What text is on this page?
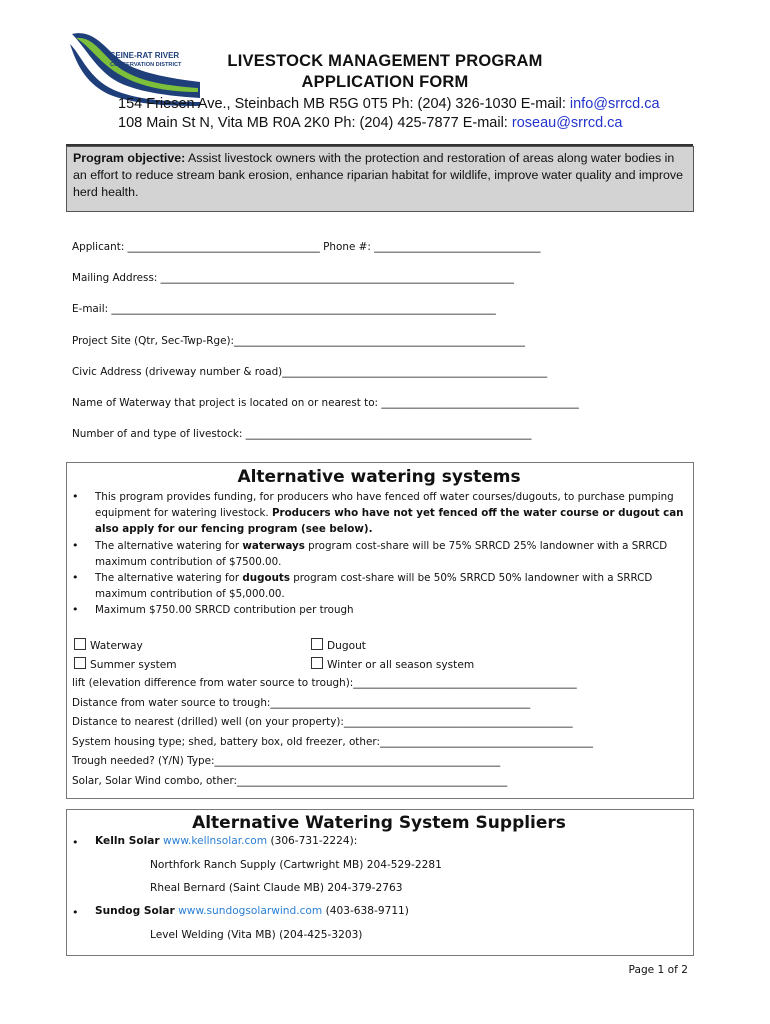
SEINE-RAT RIVER
CONSERVATION DISTRICT	LIVESTOCK MANAGEMENT PROGRAM
APPLICATION FORM
154 Friesen Ave., Steinbach MB R5G 0T5 Ph: (204) 326-1030 E-mail: info@srrcd.ca
108 Main St N, Vita MB R0A 2K0 Ph: (204) 425-7877 E-mail: roseau@srrcd.ca
Program objective: Assist livestock owners with the protection and restoration of areas along water bodies in an effort to reduce stream bank erosion, enhance riparian habitat for wildlife, improve water quality and improve herd health.
Applicant: _____________________________________ Phone #: ________________________________
Mailing Address: ____________________________________________________________________
E-mail: __________________________________________________________________________
Project Site (Qtr, Sec-Twp-Rge):________________________________________________________
Civic Address (driveway number & road)___________________________________________________
Name of Waterway that project is located on or nearest to: ______________________________________
Number of and type of livestock: _______________________________________________________
Alternative watering systems
• This program provides funding, for producers who have fenced off water courses/dugouts, to purchase pumping equipment for watering livestock. Producers who have not yet fenced off the water course or dugout can also apply for our fencing program (see below).
• The alternative watering for waterways program cost-share will be 75% SRRCD 25% landowner with a SRRCD maximum contribution of $7500.00.
• The alternative watering for dugouts program cost-share will be 50% SRRCD 50% landowner with a SRRCD maximum contribution of $5,000.00.
• Maximum $750.00 SRRCD contribution per trough
Waterway	Dugout
Summer system	Winter or all season system
lift (elevation difference from water source to trough):___________________________________________
Distance from water source to trough:__________________________________________________
Distance to nearest (drilled) well (on your property):____________________________________________
System housing type; shed, battery box, old freezer, other:_________________________________________
Trough needed? (Y/N) Type:_______________________________________________________
Solar, Solar Wind combo, other:____________________________________________________
Alternative Watering System Suppliers
• Kelln Solar www.kellnsolar.com (306-731-2224):
Northfork Ranch Supply (Cartwright MB) 204-529-2281
Rheal Bernard (Saint Claude MB) 204-379-2763
• Sundog Solar www.sundogsolarwind.com (403-638-9711)
Level Welding (Vita MB) (204-425-3203)
Page 1 of 2
